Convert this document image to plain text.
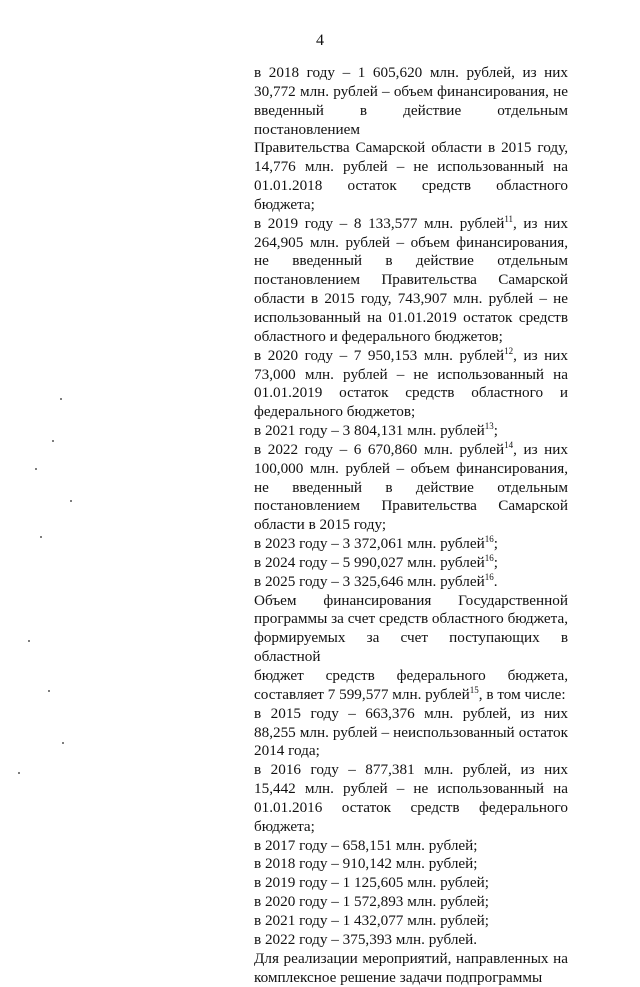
4
в 2018 году – 1 605,620 млн. рублей, из них
30,772 млн. рублей – объем финансирования, не
введенный в действие отдельным постановлением
Правительства Самарской области в 2015 году,
14,776 млн. рублей – не использованный на
01.01.2018 остаток средств областного бюджета;
в 2019 году – 8 133,577 млн. рублей$^{11}$, из них
264,905 млн. рублей – объем финансирования,
не введенный в действие отдельным
постановлением Правительства Самарской
области в 2015 году, 743,907 млн. рублей – не
использованный на 01.01.2019 остаток средств
областного и федерального бюджетов;
в 2020 году – 7 950,153 млн. рублей$^{12}$, из них
73,000 млн. рублей – не использованный на
01.01.2019 остаток средств областного и
федерального бюджетов;
в 2021 году – 3 804,131 млн. рублей$^{13}$;
в 2022 году – 6 670,860 млн. рублей$^{14}$, из них
100,000 млн. рублей – объем финансирования,
не введенный в действие отдельным
постановлением Правительства Самарской
области в 2015 году;
в 2023 году – 3 372,061 млн. рублей$^{16}$;
в 2024 году – 5 990,027 млн. рублей$^{16}$;
в 2025 году – 3 325,646 млн. рублей$^{16}$.
Объем финансирования Государственной
программы за счет средств областного бюджета,
формируемых за счет поступающих в областной
бюджет средств федерального бюджета,
составляет 7 599,577 млн. рублей$^{15}$, в том числе:
в 2015 году – 663,376 млн. рублей, из них
88,255 млн. рублей – неиспользованный остаток
2014 года;
в 2016 году – 877,381 млн. рублей, из них
15,442 млн. рублей – не использованный на
01.01.2016 остаток средств федерального бюджета;
в 2017 году – 658,151 млн. рублей;
в 2018 году – 910,142 млн. рублей;
в 2019 году – 1 125,605 млн. рублей;
в 2020 году – 1 572,893 млн. рублей;
в 2021 году – 1 432,077 млн. рублей;
в 2022 году – 375,393 млн. рублей.
Для реализации мероприятий, направленных на
комплексное решение задачи подпрограммы
